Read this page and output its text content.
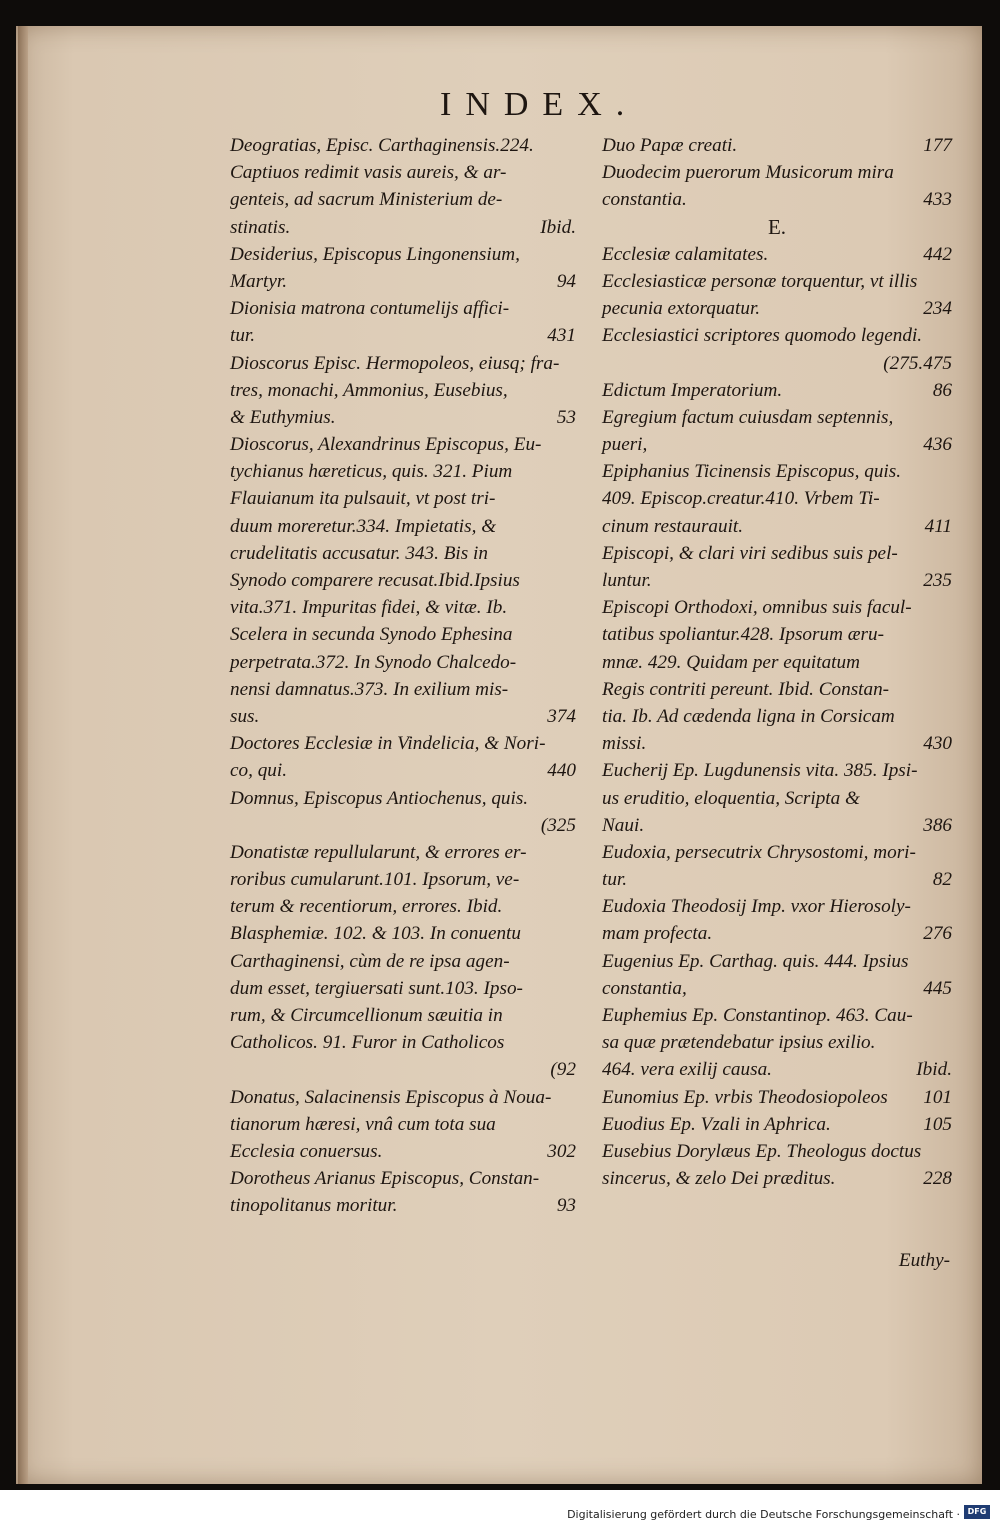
INDEX.
Deogratias, Episc. Carthaginensis.224.
Captiuos redimit vasis aureis, & ar-
genteis, ad sacrum Ministerium de-
stinatis.	Ibid.
Desiderius, Episcopus Lingonensium,
Martyr.	94
Dionisia matrona contumelijs affici-
tur.	431
Dioscorus Episc. Hermopoleos, eiusq; fra-
tres, monachi, Ammonius, Eusebius,
& Euthymius.	53
Dioscorus, Alexandrinus Episcopus, Eu-
tychianus hæreticus, quis. 321. Pium
Flauianum ita pulsauit, vt post tri-
duum moreretur.334. Impietatis, &
crudelitatis accusatur. 343. Bis in
Synodo comparere recusat.Ibid.Ipsius
vita.371. Impuritas fidei, & vitæ. Ib.
Scelera in secunda Synodo Ephesina
perpetrata.372. In Synodo Chalcedo-
nensi damnatus.373. In exilium mis-
sus.	374
Doctores Ecclesiæ in Vindelicia, & Nori-
co, qui.	440
Domnus, Episcopus Antiochenus, quis.
(325
Donatistæ repullularunt, & errores er-
roribus cumularunt.101. Ipsorum, ve-
terum & recentiorum, errores. Ibid.
Blasphemiæ. 102. & 103. In conuentu
Carthaginensi, cùm de re ipsa agen-
dum esset, tergiuersati sunt.103. Ipso-
rum, & Circumcellionum sæuitia in
Catholicos. 91. Furor in Catholicos
(92
Donatus, Salacinensis Episcopus à Noua-
tianorum hæresi, vnâ cum tota sua
Ecclesia conuersus.	302
Dorotheus Arianus Episcopus, Constan-
tinopolitanus moritur.	93
Duo Papæ creati.	177
Duodecim puerorum Musicorum mira
constantia.	433
E.
Ecclesiæ calamitates.	442
Ecclesiasticæ personæ torquentur, vt illis
pecunia extorquatur.	234
Ecclesiastici scriptores quomodo legendi.
(275.475
Edictum Imperatorium.	86
Egregium factum cuiusdam septennis,
pueri,	436
Epiphanius Ticinensis Episcopus, quis.
409. Episcop.creatur.410. Vrbem Ti-
cinum restaurauit.	411
Episcopi, & clari viri sedibus suis pel-
luntur.	235
Episcopi Orthodoxi, omnibus suis facul-
tatibus spoliantur.428. Ipsorum æru-
mnæ. 429. Quidam per equitatum
Regis contriti pereunt. Ibid. Constan-
tia. Ib. Ad cædenda ligna in Corsicam
missi.	430
Eucherij Ep. Lugdunensis vita. 385. Ipsi-
us eruditio, eloquentia, Scripta &
Naui.	386
Eudoxia, persecutrix Chrysostomi, mori-
tur.	82
Eudoxia Theodosij Imp. vxor Hierosoly-
mam profecta.	276
Eugenius Ep. Carthag. quis. 444. Ipsius
constantia,	445
Euphemius Ep. Constantinop. 463. Cau-
sa quæ prætendebatur ipsius exilio.
464. vera exilij causa.	Ibid.
Eunomius Ep. vrbis Theodosiopoleos 101
Euodius Ep. Vzali in Aphrica.	105
Eusebius Dorylæus Ep. Theologus doctus
sincerus, & zelo Dei præditus.	228
Euthy-
Digitalisierung gefördert durch die Deutsche Forschungsgemeinschaft · DFG
